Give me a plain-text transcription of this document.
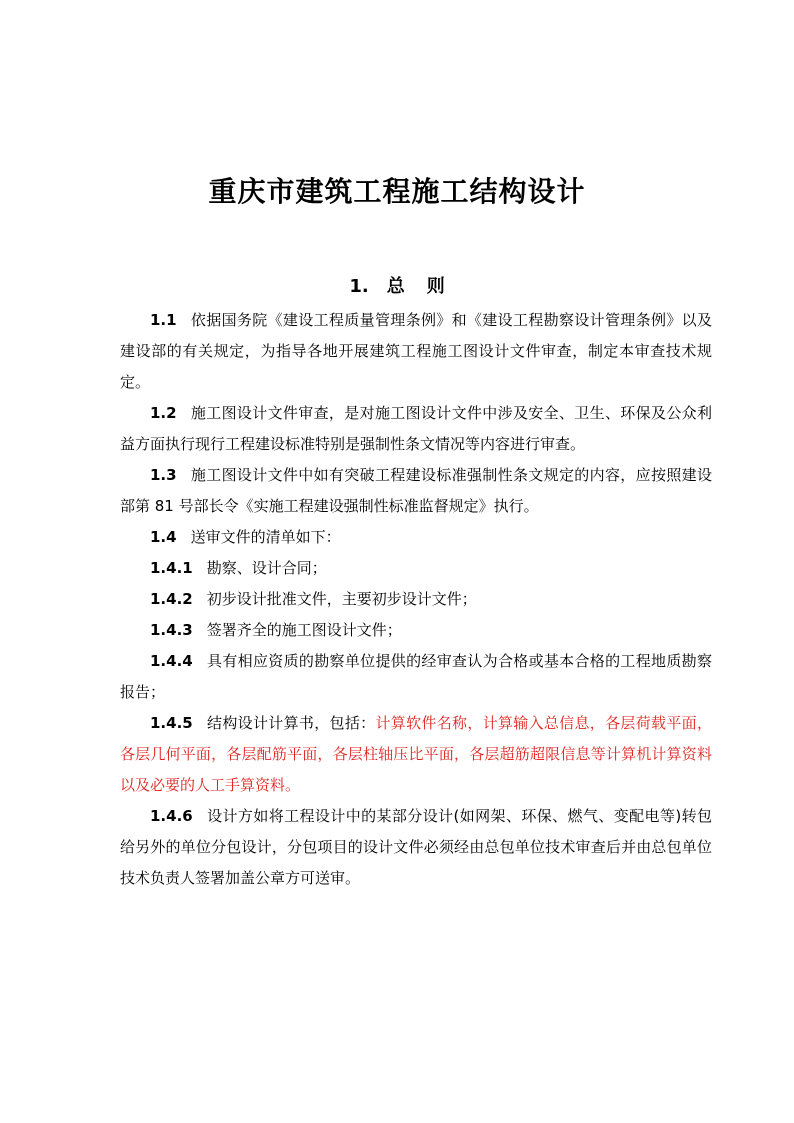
重庆市建筑工程施工结构设计
1. 总 则

1.1 依据国务院《建设工程质量管理条例》和《建设工程勘察设计管理条例》以及建设部的有关规定，为指导各地开展建筑工程施工图设计文件审查，制定本审查技术规定。

1.2 施工图设计文件审查，是对施工图设计文件中涉及安全、卫生、环保及公众利益方面执行现行工程建设标准特别是强制性条文情况等内容进行审查。

1.3 施工图设计文件中如有突破工程建设标准强制性条文规定的内容，应按照建设部第 81 号部长令《实施工程建设强制性标准监督规定》执行。

1.4 送审文件的清单如下：

1.4.1 勘察、设计合同；

1.4.2 初步设计批准文件，主要初步设计文件；

1.4.3 签署齐全的施工图设计文件；

1.4.4 具有相应资质的勘察单位提供的经审查认为合格或基本合格的工程地质勘察报告；

1.4.5 结构设计计算书，包括：计算软件名称，计算输入总信息，各层荷载平面，各层几何平面，各层配筋平面，各层柱轴压比平面，各层超筋超限信息等计算机计算资料以及必要的人工手算资料。

1.4.6 设计方如将工程设计中的某部分设计(如网架、环保、燃气、变配电等)转包给另外的单位分包设计，分包项目的设计文件必须经由总包单位技术审查后并由总包单位技术负责人签署加盖公章方可送审。
